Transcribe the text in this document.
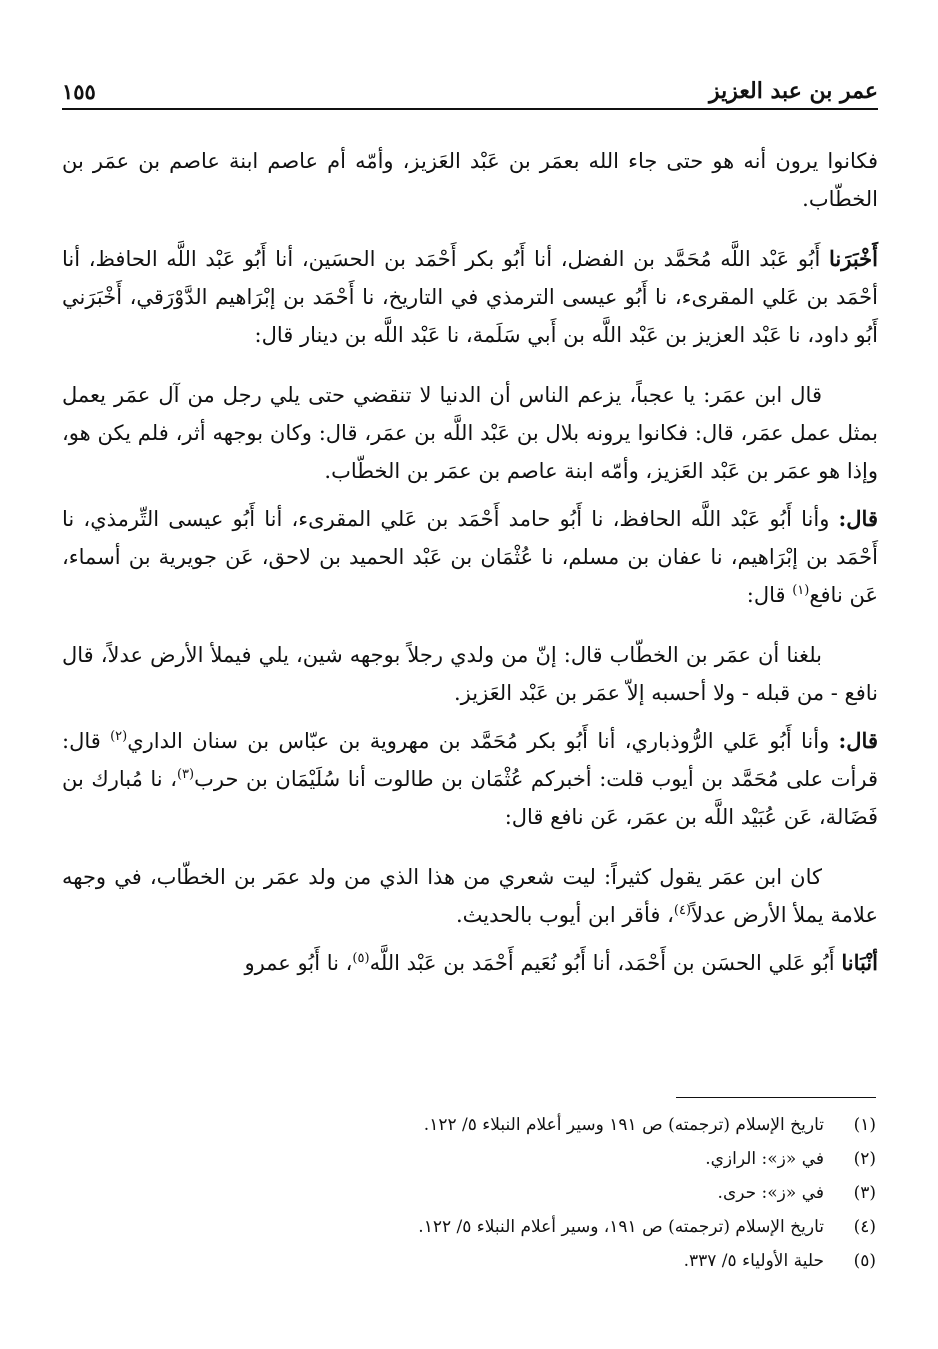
عمر بن عبد العزيز
١٥٥

فكانوا يرون أنه هو حتى جاء الله بعمَر بن عَبْد العَزيز، وأمّه أم عاصم ابنة عاصم بن عمَر بن الخطّاب.

أَخْبَرَنا أَبُو عَبْد اللَّه مُحَمَّد بن الفضل، أنا أَبُو بكر أَحْمَد بن الحسَين، أنا أَبُو عَبْد اللَّه الحافظ، أنا أحْمَد بن عَلي المقرىء، نا أَبُو عيسى الترمذي في التاريخ، نا أَحْمَد بن إبْرَاهيم الدَّوْرَقي، أَخْبَرَني أَبُو داود، نا عَبْد العزيز بن عَبْد اللَّه بن أَبي سَلَمة، نا عَبْد اللَّه بن دينار قال:

قال ابن عمَر: يا عجباً، يزعم الناس أن الدنيا لا تنقضي حتى يلي رجل من آل عمَر يعمل بمثل عمل عمَر، قال: فكانوا يرونه بلال بن عَبْد اللَّه بن عمَر، قال: وكان بوجهه أثر، فلم يكن هو، وإذا هو عمَر بن عَبْد العَزيز، وأمّه ابنة عاصم بن عمَر بن الخطّاب.

قال: وأنا أَبُو عَبْد اللَّه الحافظ، نا أَبُو حامد أَحْمَد بن عَلي المقرىء، أنا أَبُو عيسى التِّرمذي، نا أَحْمَد بن إبْرَاهيم، نا عفان بن مسلم، نا عُثْمَان بن عَبْد الحميد بن لاحق، عَن جويرية بن أسماء، عَن نافع$^{(١)}$ قال:

بلغنا أن عمَر بن الخطّاب قال: إنّ من ولدي رجلاً بوجهه شين، يلي فيملأ الأرض عدلاً، قال نافع - من قبله - ولا أحسبه إلاّ عمَر بن عَبْد العَزيز.

قال: وأنا أَبُو عَلي الرُّوذباري، أنا أَبُو بكر مُحَمَّد بن مهروية بن عبّاس بن سنان الداري$^{(٢)}$ قال: قرأت على مُحَمَّد بن أيوب قلت: أخبركم عُثْمَان بن طالوت أنا سُلَيْمَان بن حرب$^{(٣)}$، نا مُبارك بن فَضَالة، عَن عُبَيْد اللَّه بن عمَر، عَن نافع قال:

كان ابن عمَر يقول كثيراً: ليت شعري من هذا الذي من ولد عمَر بن الخطّاب، في وجهه علامة يملأ الأرض عدلاً$^{(٤)}$، فأقر ابن أيوب بالحديث.

أنْبَانا أَبُو عَلي الحسَن بن أَحْمَد، أنا أَبُو نُعَيم أَحْمَد بن عَبْد اللَّه$^{(٥)}$، نا أَبُو عمرو

(١)
تاريخ الإسلام (ترجمته) ص ١٩١ وسير أعلام النبلاء ٥/ ١٢٢.
(٢)
في «ز»: الرازي.
(٣)
في «ز»: حرى.
(٤)
تاريخ الإسلام (ترجمته) ص ١٩١، وسير أعلام النبلاء ٥/ ١٢٢.
(٥)
حلية الأولياء ٥/ ٣٣٧.
